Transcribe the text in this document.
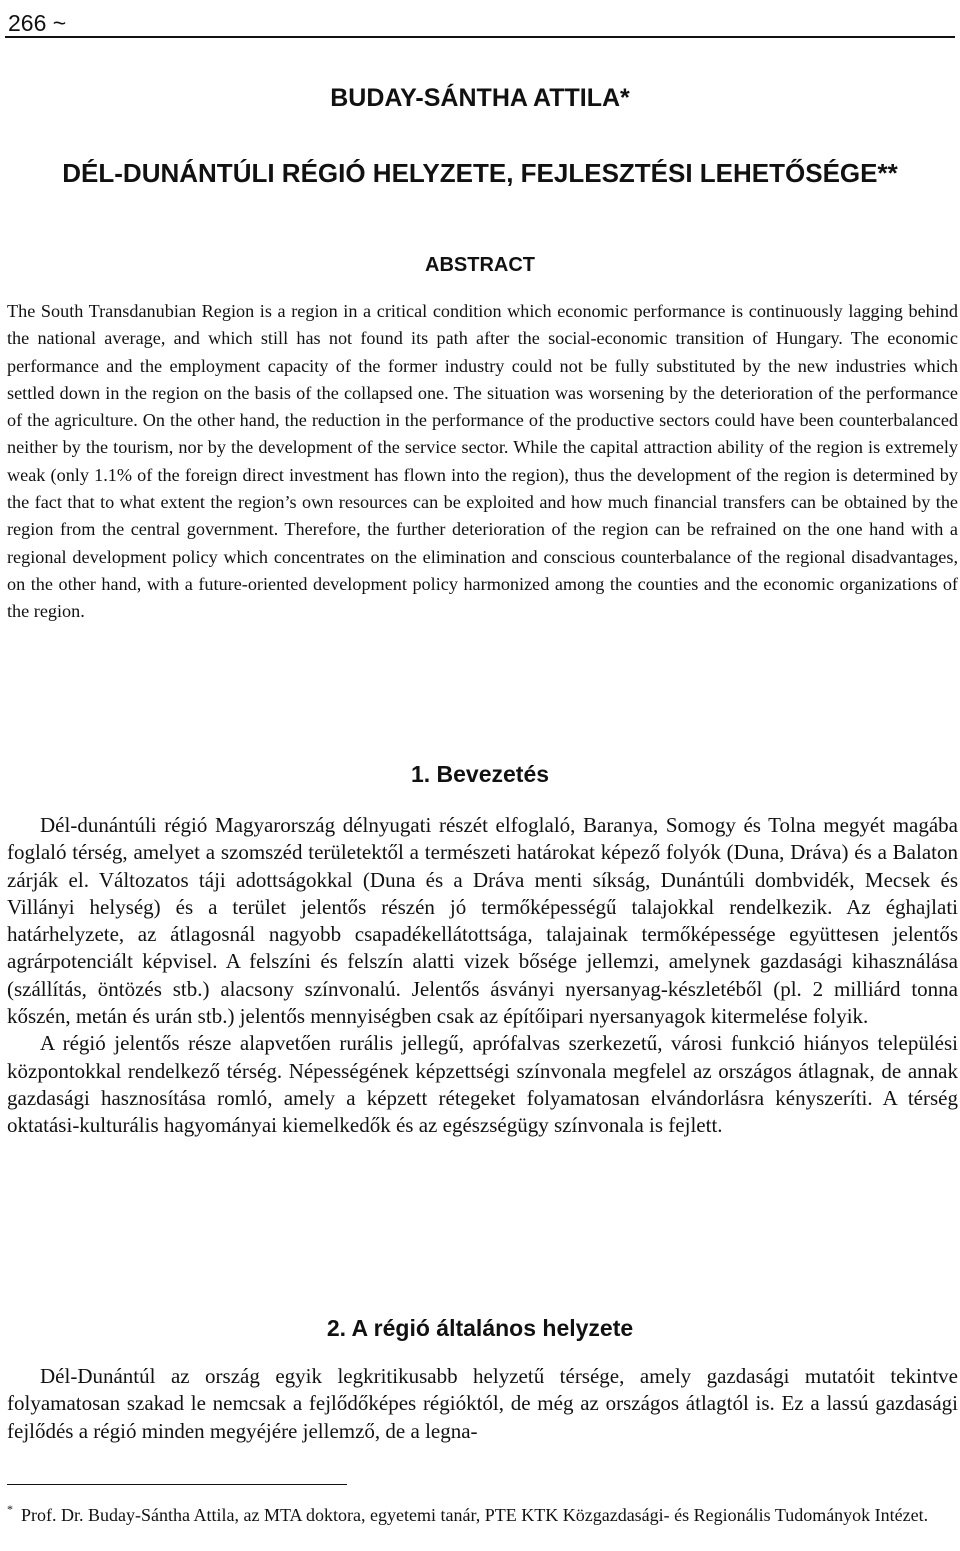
266 ~
BUDAY-SÁNTHA ATTILA*
DÉL-DUNÁNTÚLI RÉGIÓ HELYZETE, FEJLESZTÉSI LEHETŐSÉGE**
ABSTRACT

The South Transdanubian Region is a region in a critical condition which economic performance is continuously lagging behind the national average, and which still has not found its path after the social-economic transition of Hungary. The economic performance and the employment capacity of the former industry could not be fully substituted by the new industries which settled down in the region on the basis of the collapsed one. The situation was worsening by the deterioration of the performance of the agriculture. On the other hand, the reduction in the performance of the productive sectors could have been counterbalanced neither by the tourism, nor by the development of the service sector. While the capital attraction ability of the region is extremely weak (only 1.1% of the foreign direct investment has flown into the region), thus the development of the region is determined by the fact that to what extent the region’s own resources can be exploited and how much financial transfers can be obtained by the region from the central government. Therefore, the further deterioration of the region can be refrained on the one hand with a regional development policy which concentrates on the elimination and conscious counterbalance of the regional disadvantages, on the other hand, with a future-oriented development policy harmonized among the counties and the economic organizations of the region.

1. Bevezetés

Dél-dunántúli régió Magyarország délnyugati részét elfoglaló, Baranya, Somogy és Tolna megyét magába foglaló térség, amelyet a szomszéd területektől a természeti határokat képező folyók (Duna, Dráva) és a Balaton zárják el. Változatos táji adottságokkal (Duna és a Dráva menti síkság, Dunántúli dombvidék, Mecsek és Villányi helység) és a terület jelentős részén jó termőképességű talajokkal rendelkezik. Az éghajlati határhelyzete, az átlagosnál nagyobb csapadékellátottsága, talajainak termőképessége együttesen jelentős agrárpotenciált képvisel. A felszíni és felszín alatti vizek bősége jellemzi, amelynek gazdasági kihasználása (szállítás, öntözés stb.) alacsony színvonalú. Jelentős ásványi nyersanyag-készletéből (pl. 2 milliárd tonna kőszén, metán és urán stb.) jelentős mennyiségben csak az építőipari nyersanyagok kitermelése folyik.

A régió jelentős része alapvetően rurális jellegű, aprófalvas szerkezetű, városi funkció hiányos települési központokkal rendelkező térség. Népességének képzettségi színvonala megfelel az országos átlagnak, de annak gazdasági hasznosítása romló, amely a képzett rétegeket folyamatosan elvándorlásra kényszeríti. A térség oktatási-kulturális hagyományai kiemelkedők és az egészségügy színvonala is fejlett.

2. A régió általános helyzete

Dél-Dunántúl az ország egyik legkritikusabb helyzetű térsége, amely gazdasági mutatóit tekintve folyamatosan szakad le nemcsak a fejlődőképes régióktól, de még az országos átlagtól is. Ez a lassú gazdasági fejlődés a régió minden megyéjére jellemző, de a legna-

* Prof. Dr. Buday-Sántha Attila, az MTA doktora, egyetemi tanár, PTE KTK Közgazdasági- és Regionális Tudományok Intézet.
